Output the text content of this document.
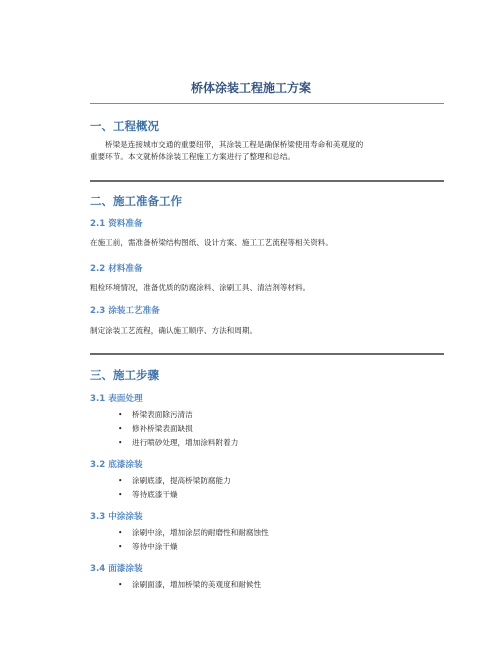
桥体涂装工程施工方案
一、工程概况
桥梁是连接城市交通的重要纽带，其涂装工程是确保桥梁使用寿命和美观度的
重要环节。本文就桥体涂装工程施工方案进行了整理和总结。
二、施工准备工作
2.1 资料准备
在施工前，需准备桥梁结构图纸、设计方案、施工工艺流程等相关资料。
2.2 材料准备
粗检环境情况，准备优质的防腐涂料、涂刷工具、清洁剂等材料。
2.3 涂装工艺准备
制定涂装工艺流程，确认施工顺序、方法和周期。
三、施工步骤
3.1 表面处理
• 桥梁表面除污清洁
• 修补桥梁表面缺损
• 进行喷砂处理，增加涂料附着力
3.2 底漆涂装
• 涂刷底漆，提高桥梁防腐能力
• 等待底漆干燥
3.3 中涂涂装
• 涂刷中涂，增加涂层的耐磨性和耐腐蚀性
• 等待中涂干燥
3.4 面漆涂装
• 涂刷面漆，增加桥梁的美观度和耐候性
